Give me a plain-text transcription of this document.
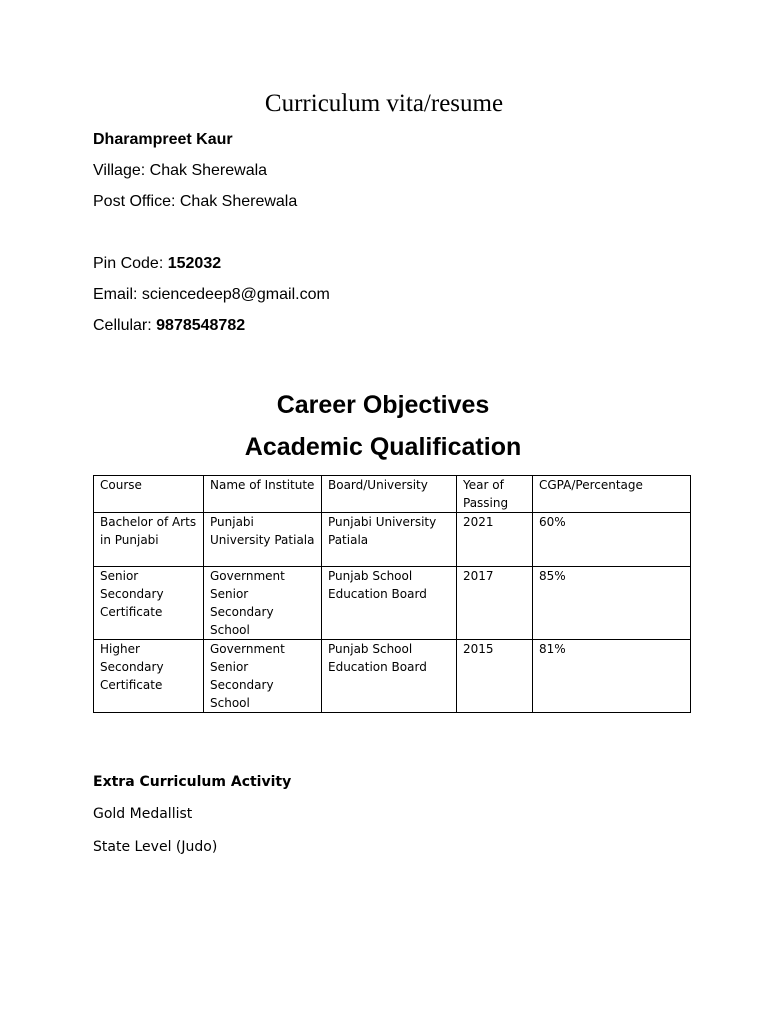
Curriculum vita/resume
Dharampreet Kaur
Village: Chak Sherewala
Post Office: Chak Sherewala
Pin Code: 152032
Email: sciencedeep8@gmail.com
Cellular: 9878548782
Career Objectives
Academic Qualification
Course	Name of Institute	Board/University	Year of Passing	CGPA/Percentage
Bachelor of Arts in Punjabi	Punjabi University Patiala	Punjabi University Patiala	2021	60%
Senior Secondary Certificate	Government Senior Secondary School	Punjab School Education Board	2017	85%
Higher Secondary Certificate	Government Senior Secondary School	Punjab School Education Board	2015	81%
Extra Curriculum Activity
Gold Medallist
State Level (Judo)
